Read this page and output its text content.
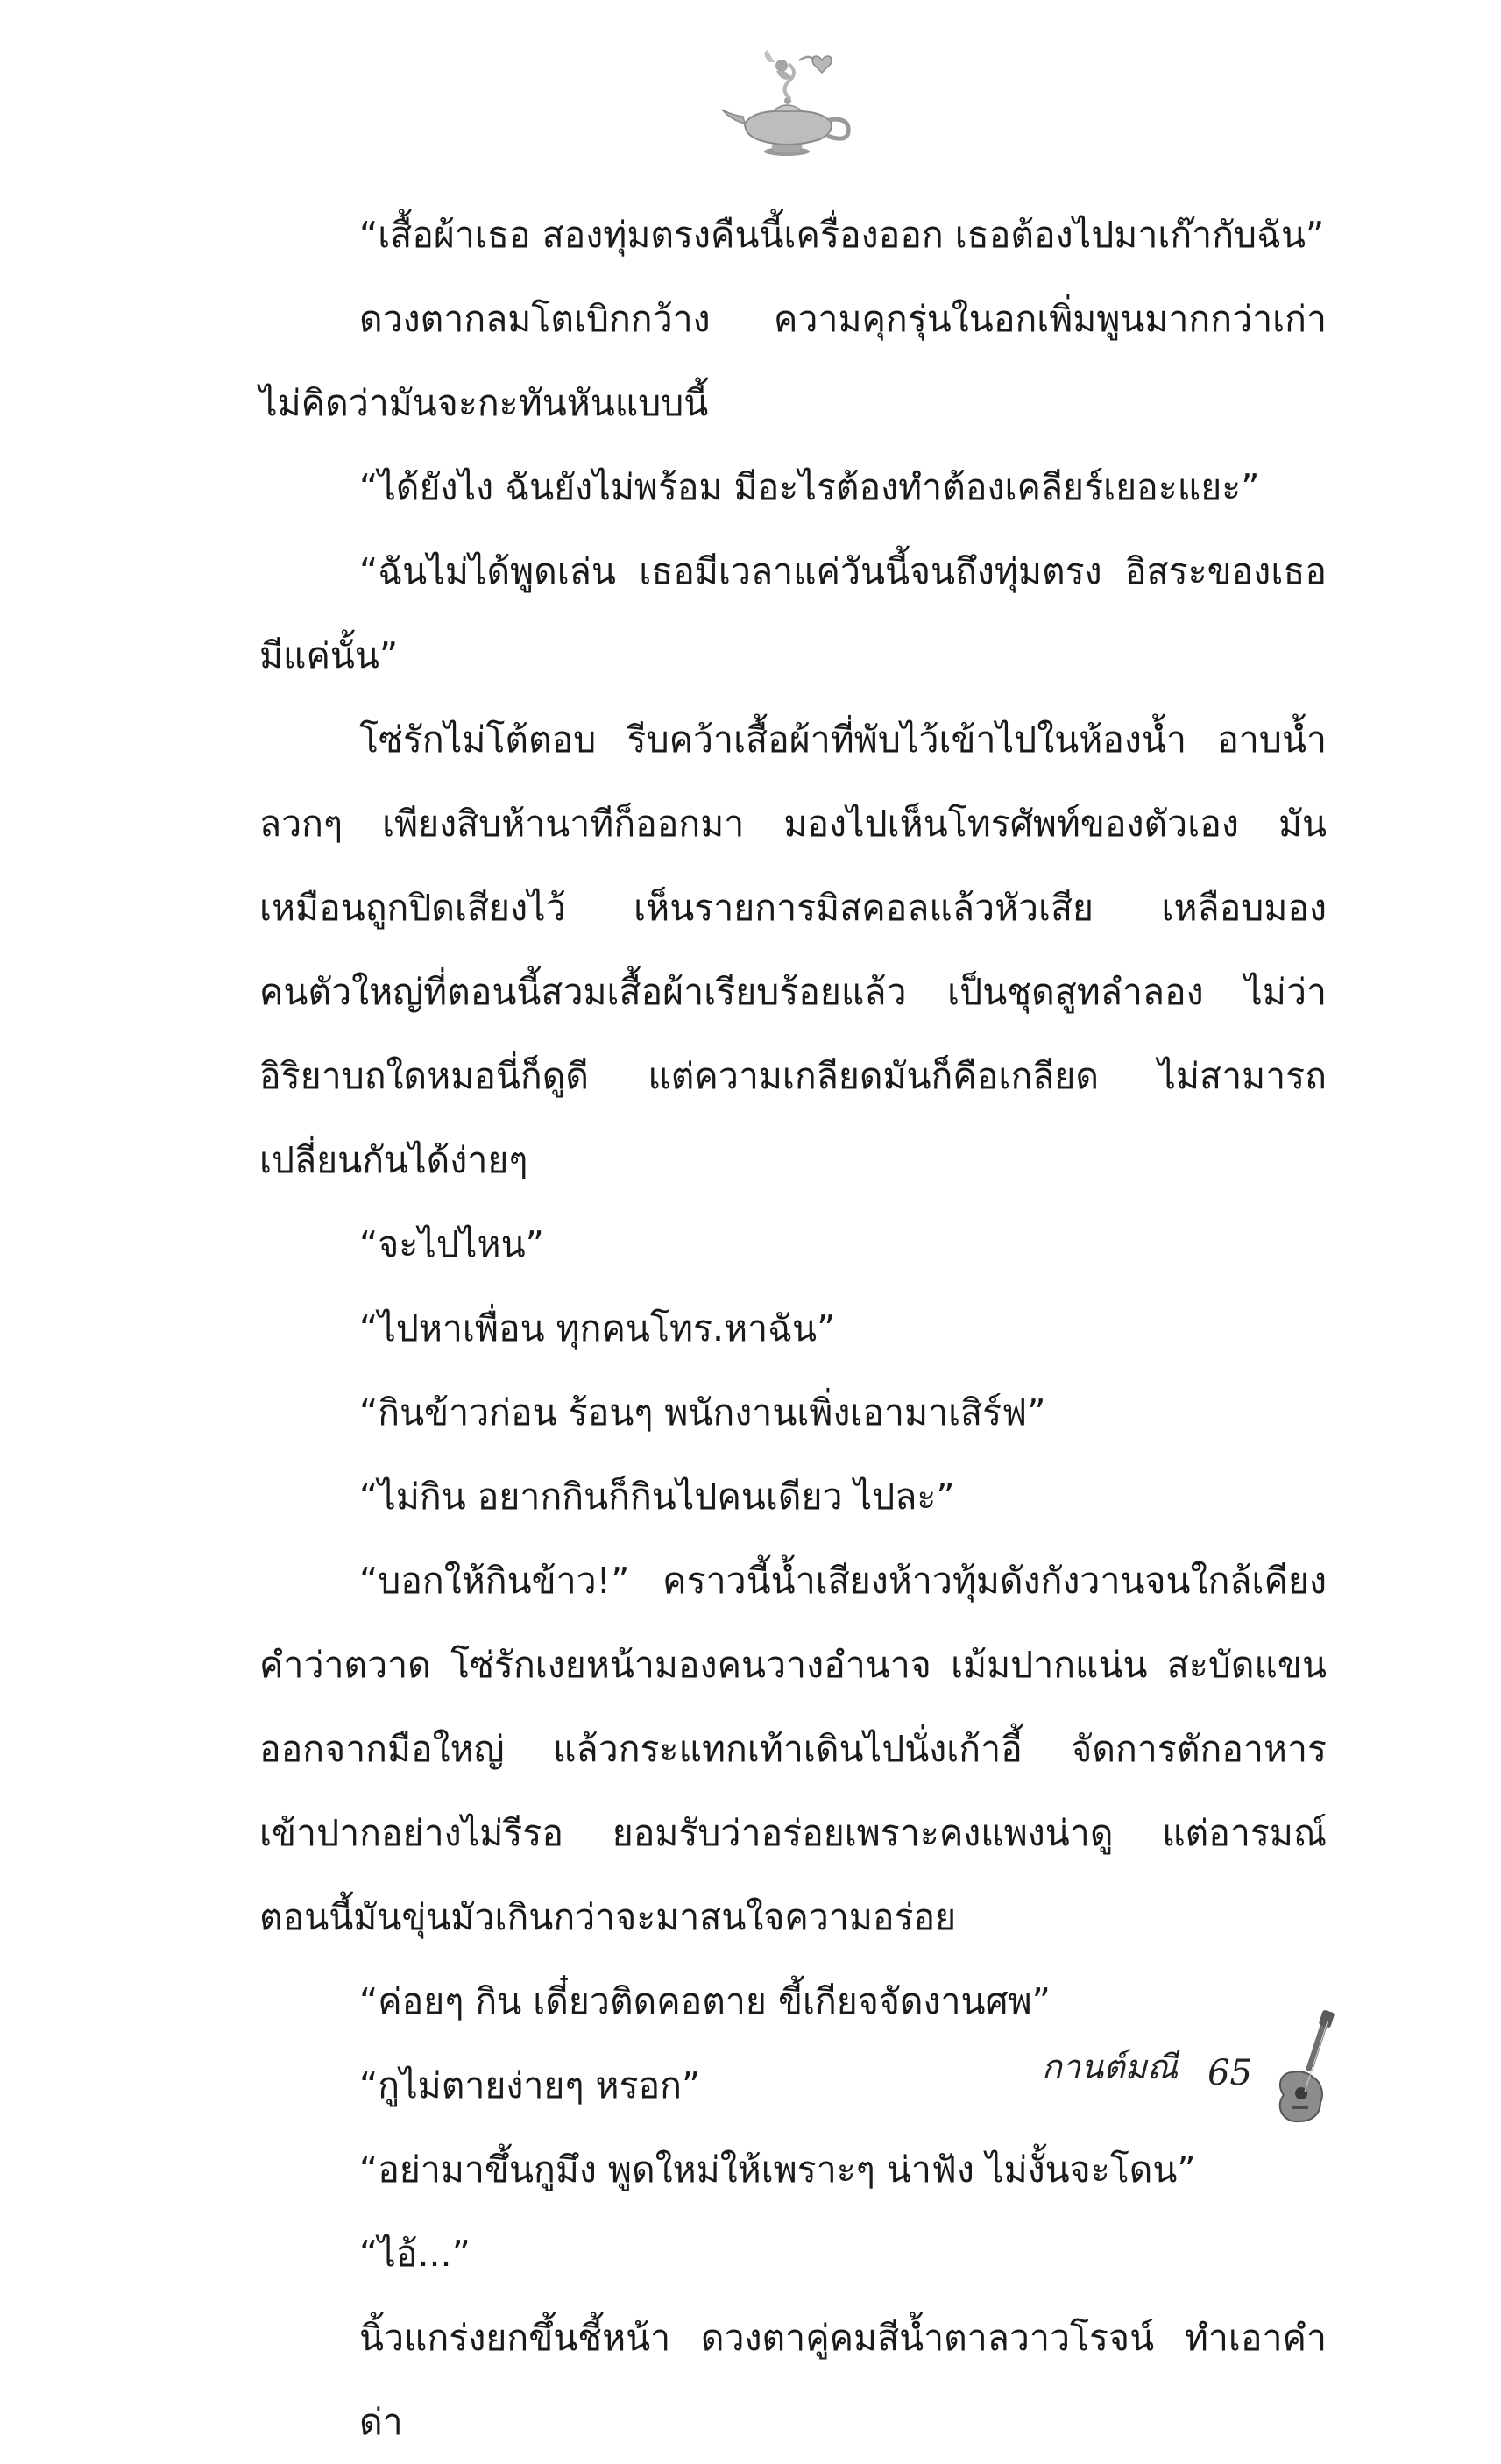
“เสื้อผ้าเธอ สองทุ่มตรงคืนนี้เครื่องออก เธอต้องไปมาเก๊ากับฉัน”
ดวงตากลมโตเบิกกว้าง ความคุกรุ่นในอกเพิ่มพูนมากกว่าเก่า
ไม่คิดว่ามันจะกะทันหันแบบนี้
“ได้ยังไง ฉันยังไม่พร้อม มีอะไรต้องทำต้องเคลียร์เยอะแยะ”
“ฉันไม่ได้พูดเล่น เธอมีเวลาแค่วันนี้จนถึงทุ่มตรง อิสระของเธอ
มีแค่นั้น”
โซ่รักไม่โต้ตอบ รีบคว้าเสื้อผ้าที่พับไว้เข้าไปในห้องน้ำ อาบน้ำ
ลวกๆ เพียงสิบห้านาทีก็ออกมา มองไปเห็นโทรศัพท์ของตัวเอง มัน
เหมือนถูกปิดเสียงไว้ เห็นรายการมิสคอลแล้วหัวเสีย เหลือบมอง
คนตัวใหญ่ที่ตอนนี้สวมเสื้อผ้าเรียบร้อยแล้ว เป็นชุดสูทลำลอง ไม่ว่า
อิริยาบถใดหมอนี่ก็ดูดี แต่ความเกลียดมันก็คือเกลียด ไม่สามารถ
เปลี่ยนกันได้ง่ายๆ
“จะไปไหน”
“ไปหาเพื่อน ทุกคนโทร.หาฉัน”
“กินข้าวก่อน ร้อนๆ พนักงานเพิ่งเอามาเสิร์ฟ”
“ไม่กิน อยากกินก็กินไปคนเดียว ไปละ”
“บอกให้กินข้าว!” คราวนี้น้ำเสียงห้าวทุ้มดังกังวานจนใกล้เคียง
คำว่าตวาด โซ่รักเงยหน้ามองคนวางอำนาจ เม้มปากแน่น สะบัดแขน
ออกจากมือใหญ่ แล้วกระแทกเท้าเดินไปนั่งเก้าอี้ จัดการตักอาหาร
เข้าปากอย่างไม่รีรอ ยอมรับว่าอร่อยเพราะคงแพงน่าดู แต่อารมณ์
ตอนนี้มันขุ่นมัวเกินกว่าจะมาสนใจความอร่อย
“ค่อยๆ กิน เดี๋ยวติดคอตาย ขี้เกียจจัดงานศพ”
“กูไม่ตายง่ายๆ หรอก”
“อย่ามาขึ้นกูมึง พูดใหม่ให้เพราะๆ น่าฟัง ไม่งั้นจะโดน”
“ไอ้...”
นิ้วแกร่งยกขึ้นชี้หน้า ดวงตาคู่คมสีน้ำตาลวาวโรจน์ ทำเอาคำด่า
กานต์มณี 65
